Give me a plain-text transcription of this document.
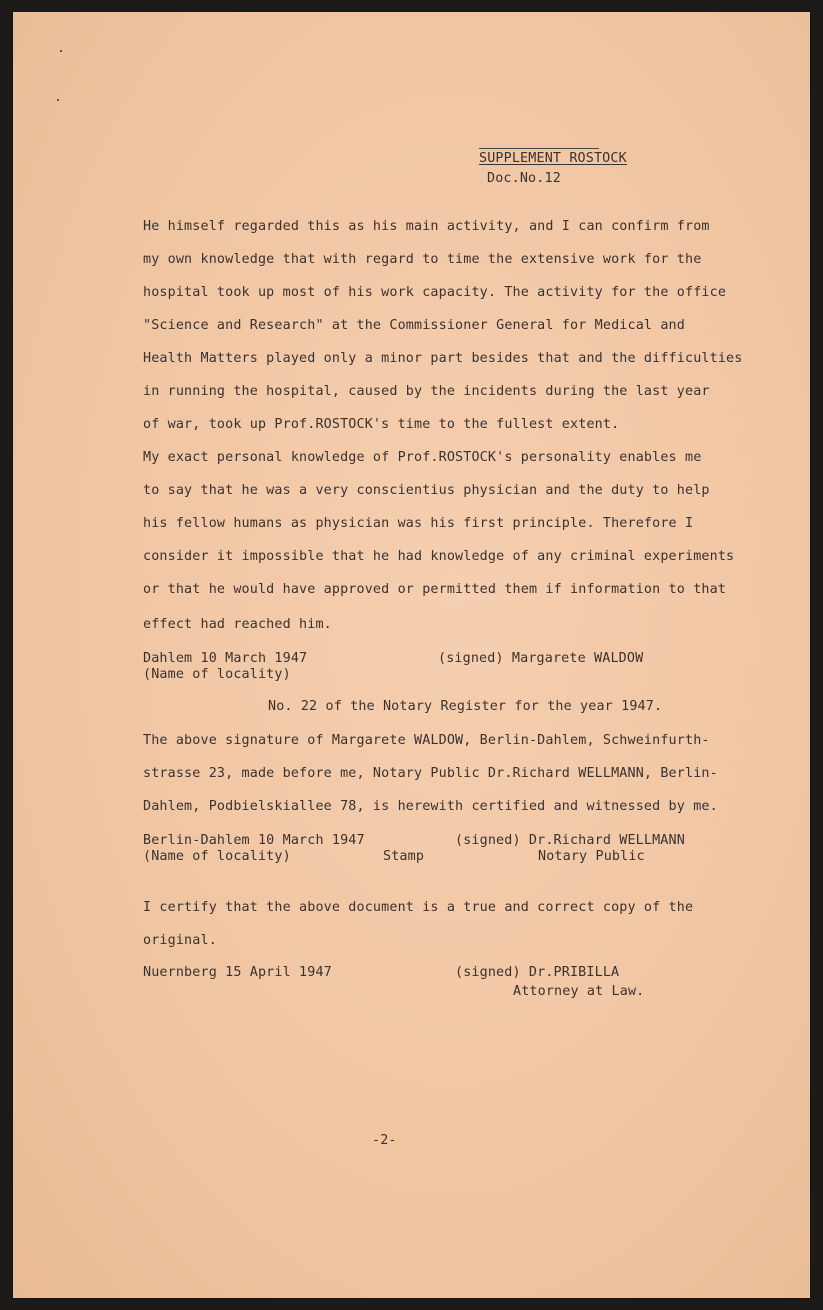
SUPPLEMENT ROSTOCK
Doc.No.12
He himself regarded this as his main activity, and I can confirm from
my own knowledge that with regard to time the extensive work for the
hospital took up most of his work capacity. The activity for the office
"Science and Research" at the Commissioner General for Medical and
Health Matters played only a minor part besides that and the difficulties
in running the hospital, caused by the incidents during the last year
of war, took up Prof.ROSTOCK's time to the fullest extent.
My exact personal knowledge of Prof.ROSTOCK's personality enables me
to say that he was a very conscientius physician and the duty to help
his fellow humans as physician was his first principle. Therefore I
consider it impossible that he had knowledge of any criminal experiments
or that he would have approved or permitted them if information to that
effect had reached him.
Dahlem 10 March 1947
(Name of locality)
(signed) Margarete WALDOW
No. 22 of the Notary Register for the year 1947.
The above signature of Margarete WALDOW, Berlin-Dahlem, Schweinfurth-
strasse 23, made before me, Notary Public Dr.Richard WELLMANN, Berlin-
Dahlem, Podbielskiallee 78, is herewith certified and witnessed by me.
Berlin-Dahlem 10 March 1947
(Name of locality)	Stamp
(signed) Dr.Richard WELLMANN
Notary Public
I certify that the above document is a true and correct copy of the
original.
Nuernberg 15 April 1947	(signed) Dr.PRIBILLA
Attorney at Law.
-2-
